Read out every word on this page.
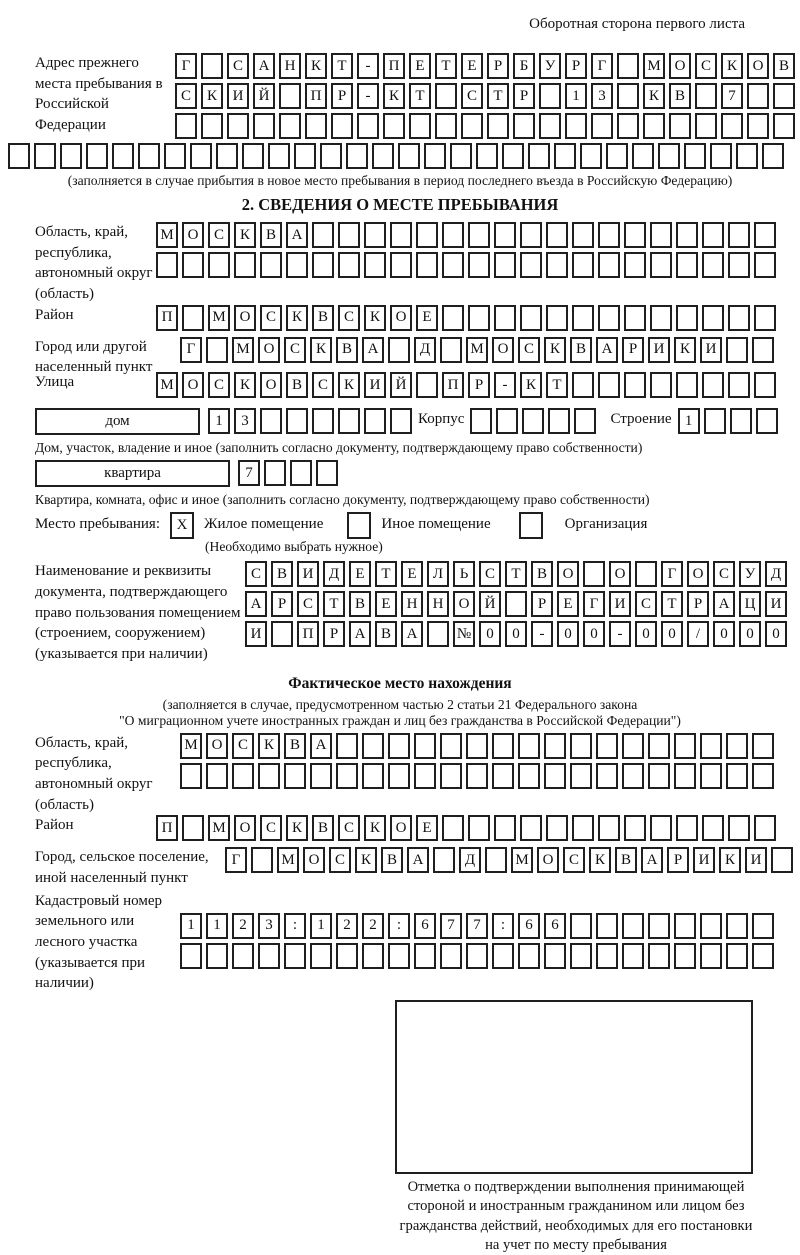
Оборотная сторона первого листа
Адрес прежнего места пребывания в Российской Федерации
Г	С	А	Н	К	Т	-	П	Е	Т	Е	Р	Б	У	Р	Г	М О	С	К	О	В
С	К	И	Й	П	Р	-	К	Т	С	Т	Р	1	3	К	В	7
(заполняется в случае прибытия в новое место пребывания в период последнего въезда в Российскую Федерацию)
2. СВЕДЕНИЯ О МЕСТЕ ПРЕБЫВАНИЯ
Область, край, республика, автономный округ (область)
М О	С	К	В	А
Район	П	М О	С	К	В	С	К	О	Е
Город или другой населенный пункт
Г	М О	С	К	В	А	Д	М О	С	К	В	А	Р	И	К	И
Улица	М О	С	К	О	В	С	К	И	Й	П	Р	-	К	Т
дом	1	3	Корпус	Строение 1
Дом, участок, владение и иное (заполнить согласно документу, подтверждающему право собственности)
квартира	7
Квартира, комната, офис и иное (заполнить согласно документу, подтверждающему право собственности)
Место пребывания:	X	Жилое помещение	Иное помещение	Организация
(Необходимо выбрать нужное)
Наименование и реквизиты документа, подтверждающего право пользования помещением (строением, сооружением) (указывается при наличии)
С	В	И	Д	Е	Т	Е	Л	Ь	С	Т	В	О	О	Г	О	С	У	Д
А	Р	С	Т	В	Е	Н	Н	О	Й	Р	Е	Г	И	С	Т	Р	А	Ц	И
И	П	Р	А	В	А	№	0	0	-	0	0	-	0	0	/	0	0	0
Фактическое место нахождения
(заполняется в случае, предусмотренном частью 2 статьи 21 Федерального закона
"О миграционном учете иностранных граждан и лиц без гражданства в Российской Федерации")
Область, край, республика, автономный округ (область)
М О	С	К	В	А
Район	П	М О	С	К	В	С	К	О	Е
Город, сельское поселение, иной населенный пункт
Г	М О	С	К	В	А	Д	М О	С	К	В	А	Р	И	К	И
Кадастровый номер земельного или лесного участка (указывается при наличии)
1	1	2	3	:	1	2	2	:	6	7	7	:	6	6
Отметка о подтверждении выполнения принимающей стороной и иностранным гражданином или лицом без гражданства действий, необходимых для его постановки на учет по месту пребывания
